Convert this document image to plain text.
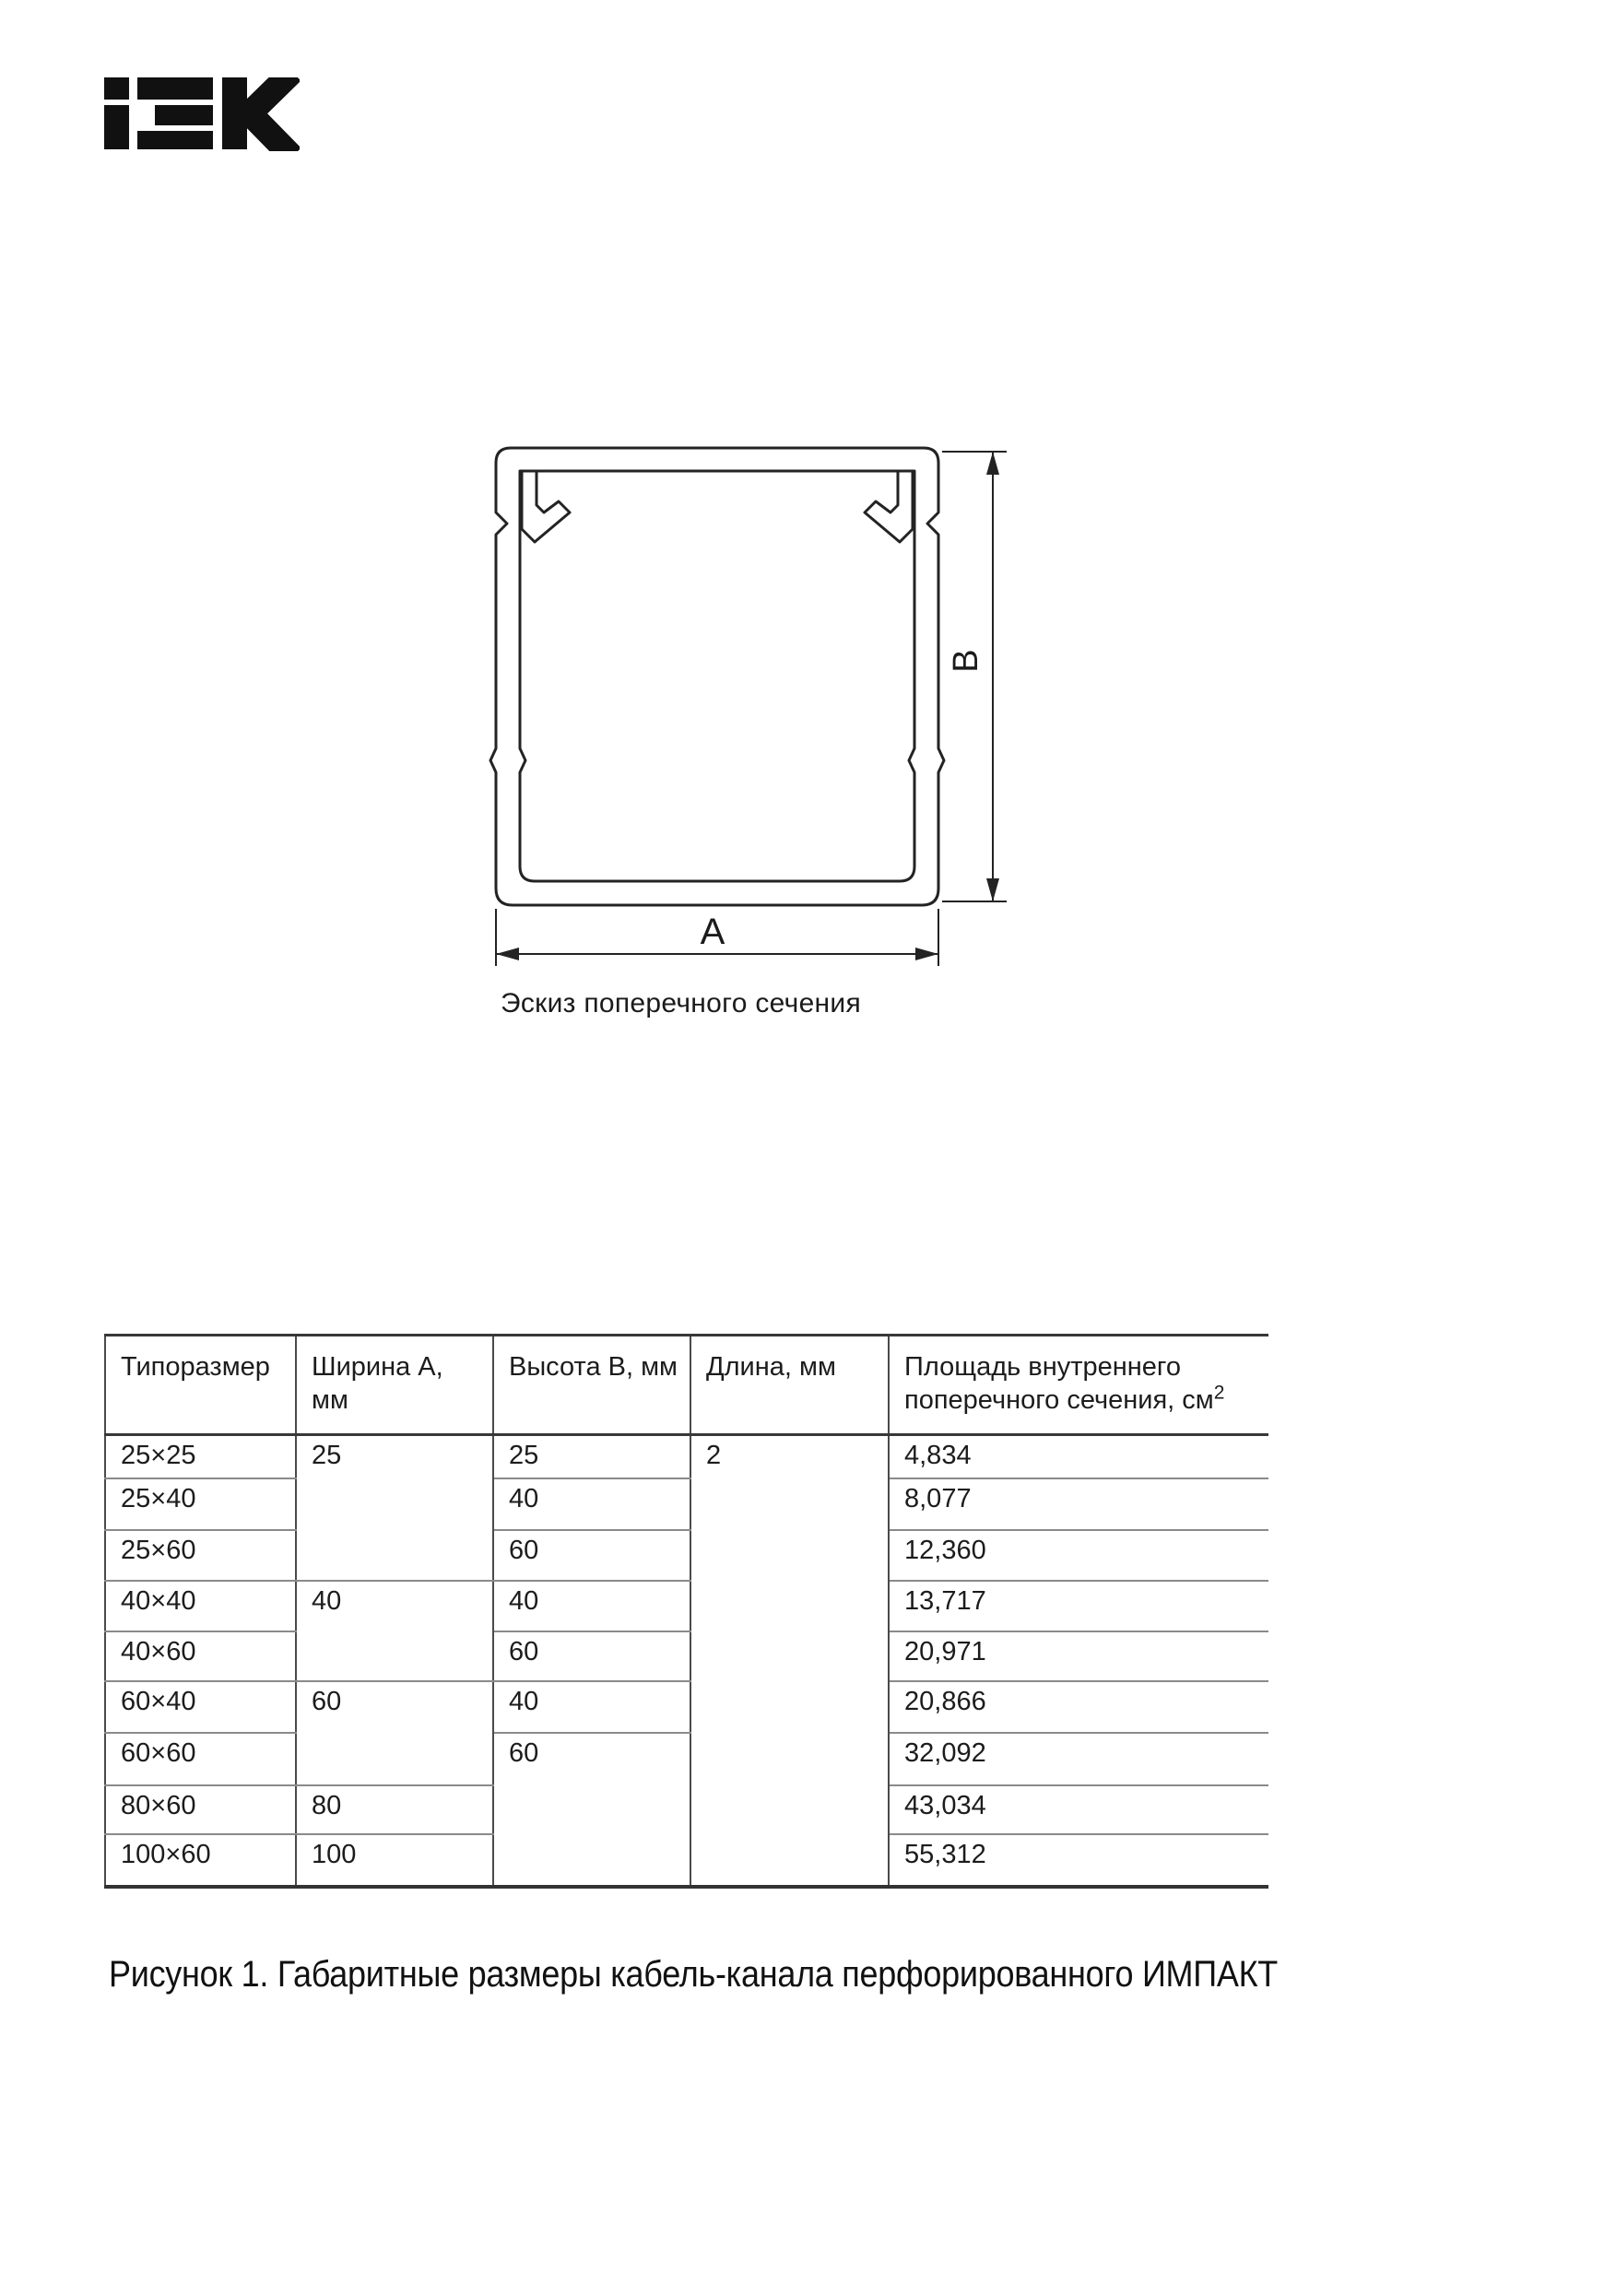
B
A
Эскиз поперечного сечения
Типоразмер	Ширина А, мм	Высота В, мм	Длина, мм	Площадь внутреннего
поперечного сечения, $см^2$
25×25	25	25	2	4,834
25×40		40		8,077
25×60		60		12,360
40×40	40	40		13,717
40×60		60		20,971
60×40	60	40		20,866
60×60		60		32,092
80×60	80			43,034
100×60	100			55,312
Рисунок 1. Габаритные размеры кабель-канала перфорированного ИМПАКТ
